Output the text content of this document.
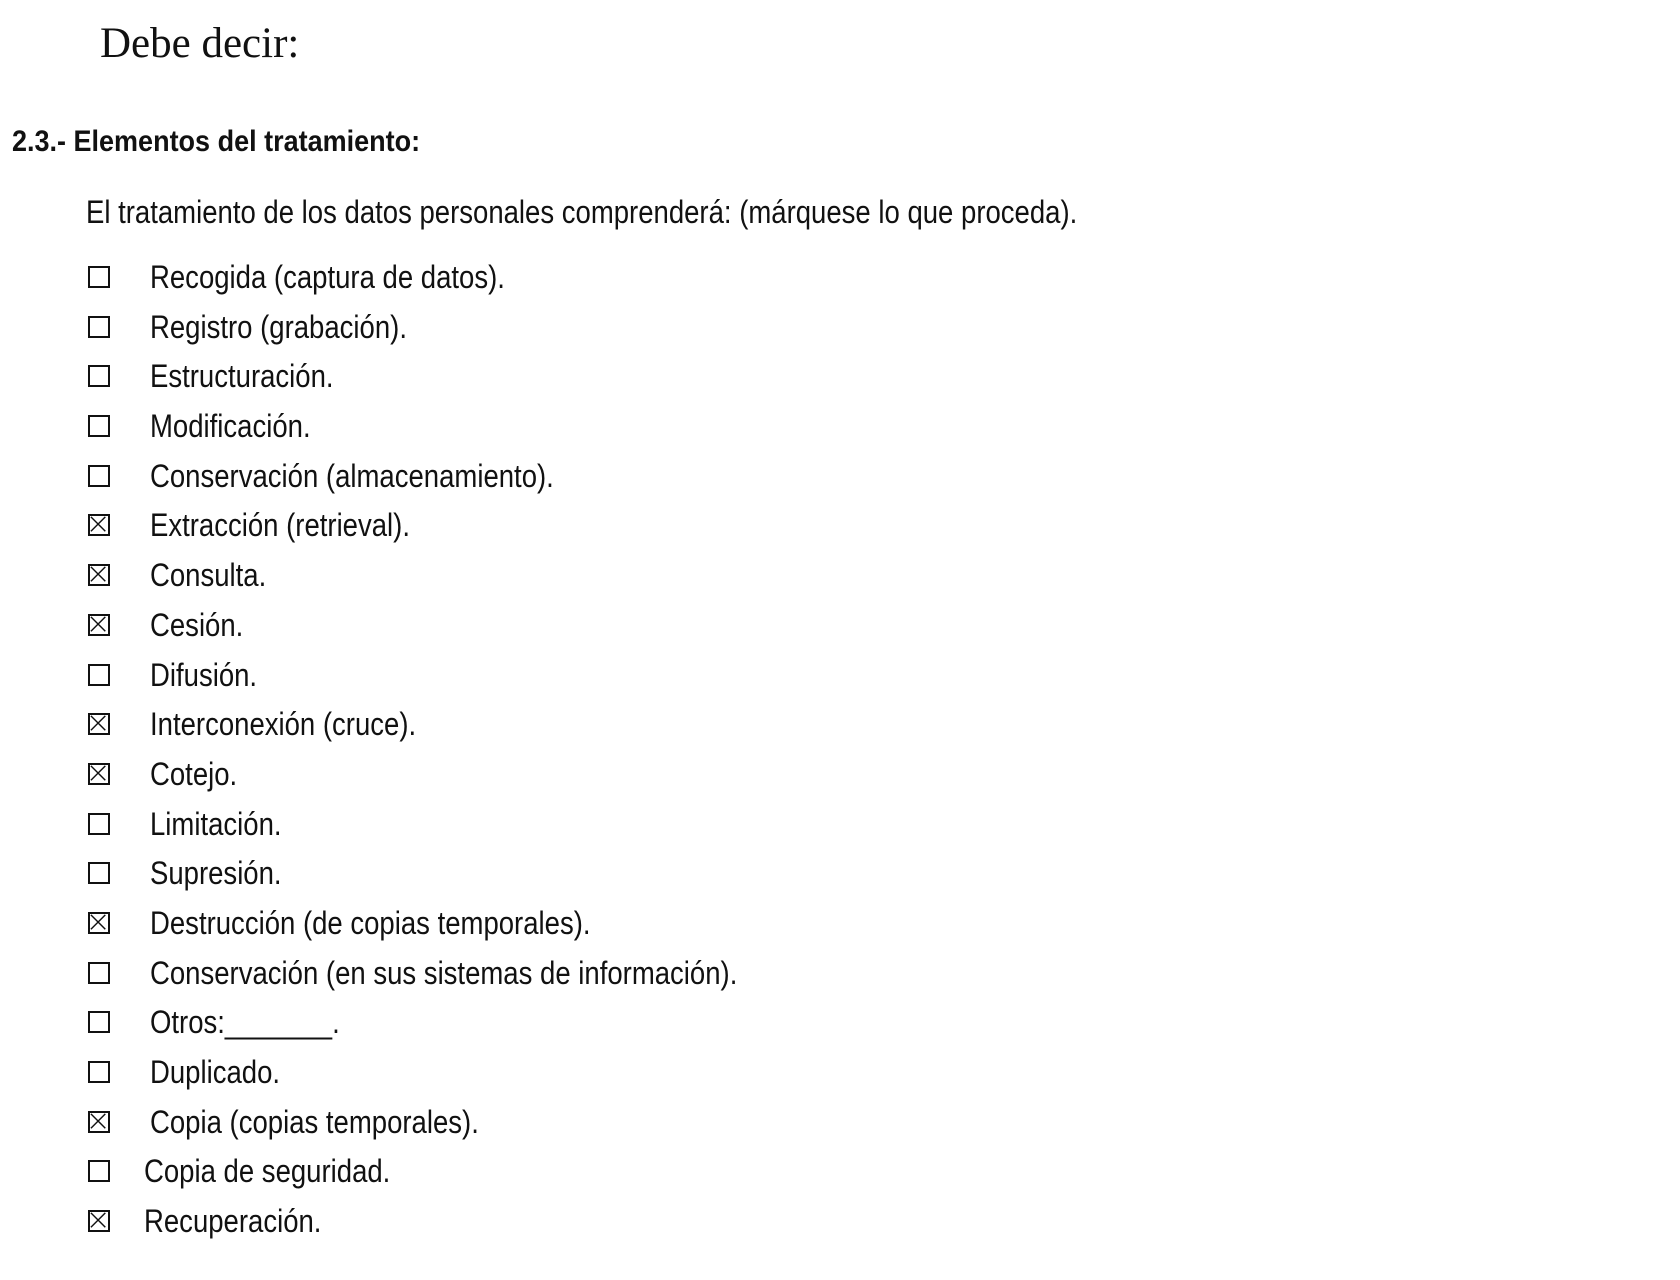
Debe decir:
2.3.- Elementos del tratamiento:
El tratamiento de los datos personales comprenderá: (márquese lo que proceda).
Recogida (captura de datos).
Registro (grabación).
Estructuración.
Modificación.
Conservación (almacenamiento).
Extracción (retrieval).
Consulta.
Cesión.
Difusión.
Interconexión (cruce).
Cotejo.
Limitación.
Supresión.
Destrucción (de copias temporales).
Conservación (en sus sistemas de información).
Otros:_______.
Duplicado.
Copia (copias temporales).
Copia de seguridad.
Recuperación.
